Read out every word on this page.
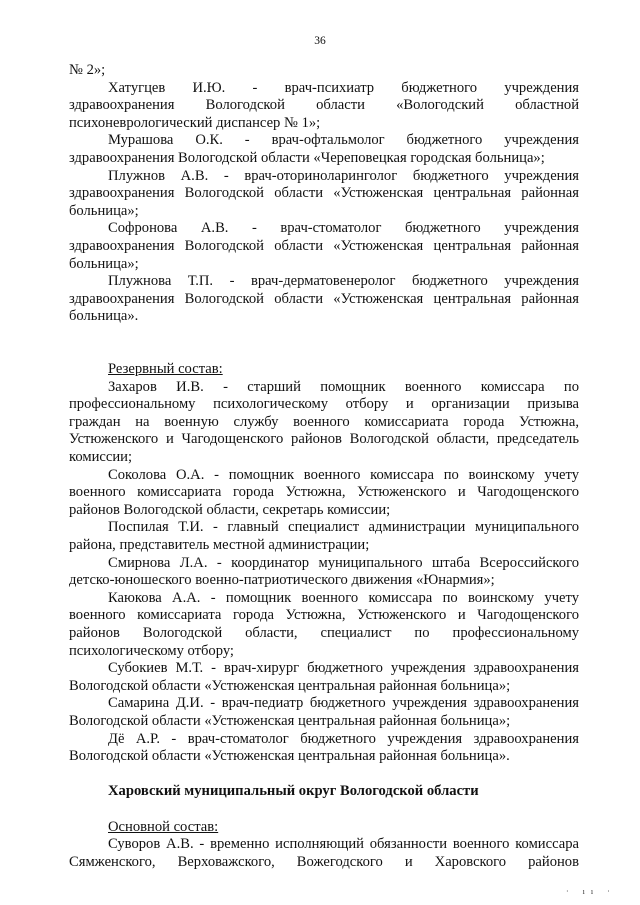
36
№ 2»;
Хатугцев И.Ю. - врач-психиатр бюджетного учреждения
здравоохранения Вологодской области «Вологодский областной
психоневрологический диспансер № 1»;
Мурашова О.К. - врач-офтальмолог бюджетного учреждения
здравоохранения Вологодской области «Череповецкая городская больница»;
Плужнов А.В. - врач-оториноларинголог бюджетного учреждения
здравоохранения Вологодской области «Устюженская центральная районная
больница»;
Софронова А.В. - врач-стоматолог бюджетного учреждения
здравоохранения Вологодской области «Устюженская центральная районная
больница»;
Плужнова Т.П. - врач-дерматовенеролог бюджетного учреждения
здравоохранения Вологодской области «Устюженская центральная районная
больница».
Резервный состав:
Захаров И.В. - старший помощник военного комиссара по
профессиональному психологическому отбору и организации призыва
граждан на военную службу военного комиссариата города Устюжна,
Устюженского и Чагодощенского районов Вологодской области, председатель
комиссии;
Соколова О.А. - помощник военного комиссара по воинскому учету
военного комиссариата города Устюжна, Устюженского и Чагодощенского
районов Вологодской области, секретарь комиссии;
Поспилая Т.И. - главный специалист администрации муниципального
района, представитель местной администрации;
Смирнова Л.А. - координатор муниципального штаба Всероссийского
детско-юношеского военно-патриотического движения «Юнармия»;
Каюкова А.А. - помощник военного комиссара по воинскому учету
военного комиссариата города Устюжна, Устюженского и Чагодощенского
районов Вологодской области, специалист по профессиональному
психологическому отбору;
Субокиев М.Т. - врач-хирург бюджетного учреждения здравоохранения
Вологодской области «Устюженская центральная районная больница»;
Самарина Д.И. - врач-педиатр бюджетного учреждения здравоохранения
Вологодской области «Устюженская центральная районная больница»;
Дё А.Р. - врач-стоматолог бюджетного учреждения здравоохранения
Вологодской области «Устюженская центральная районная больница».
Харовский муниципальный округ Вологодской области
Основной состав:
Суворов А.В. - временно исполняющий обязанности военного комиссара
Сямженского, Верховажского, Вожегодского и Харовского районов
· ıı ·
